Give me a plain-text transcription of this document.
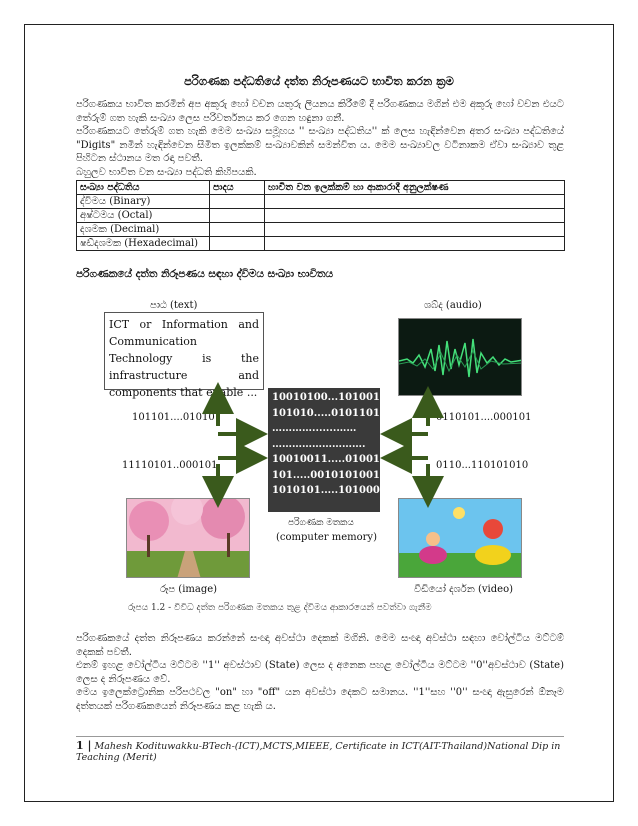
පරිගණක පද්ධතියේ දත්ත නිරූපණයට භාවිත කරන ක්‍රම

පරිගණකය භාවිත කරමින් අප අකුරු හෝ වචන යතුරු ලියනය කිරීමේ දී පරිගණකය මගින් එම අකුරු හෝ වචන එයට තේරුම් ගත හැකි සංඛ්‍යා ලෙස පරිවර්තනය කර ගෙන හඳුනා ගනී.

පරිගණකයට තේරුම් ගත හැකි මෙම සංඛ්‍යා සමූහය '' සංඛ්‍යා පද්ධතිය'' ක් ලෙස හැඳින්වෙන අතර සංඛ්‍යා පද්ධතියේ "Digits" නමින් හැඳින්වෙන සීමිත ඉලක්කම් සංඛ්‍යාවකින් සමන්විත ය. මෙම සංඛ්‍යාවල වටිනාකම ඒවා සංඛ්‍යාව තුළ පිහිටන ස්ථානය මත රඳා පවතී.

බහුලව භාවිත වන සංඛ්‍යා පද්ධති කිහිපයකි.

සංඛ්‍යා පද්ධතිය	පාදය	භාවිත වන ඉලක්කම් හා ආකාරාදී අනුලක්ෂණ
ද්විමය (Binary)		
අෂ්ටමය (Octal)		
දශමක (Decimal)		
ෂඩ්දශමක (Hexadecimal)		
පරිගණකයේ දත්ත නිරූපණය සඳහා ද්විමය සංඛ්‍යා භාවිතය
පාඨ (text)
ICT or Information and Communication Technology is the infrastructure and components that enable ...
ශබ්ද (audio)
රූප (image)	වීඩියෝ දර්ශන (video)
10010100...1010010
101010.....01011010
………….......……
……………………….
10010011.....010010
101.....00101010010
1010101.....1010001
පරිගණක මතකය
(computer memory)
101101....01010
11110101..000101
0110101....000101
0110...110101010
රූපය 1.2 - විවිධ දත්ත පරිගණක මතකය තුළ ද්විමය ආකාරයෙන් පවත්වා ගැනීම

පරිගණකයේ දත්ත නිරූපණය කරන්නේ සංඥා අවස්ථා දෙකක් මගිනි. මෙම සංඥා අවස්ථා සඳහා වෝල්ටීය මට්ටම් දෙකක් පවතී.

එනම් ඉහළ වෝල්ටීය මට්ටම ''1'' අවස්ථාව (State) ලෙස ද අනෙක පහළ වෝල්ටීය මට්ටම ''0''අවස්ථාව (State) ලෙස ද නිරූපණය වේ.

මෙය ඉලෙක්ට්‍රොනික පරිපථවල "on" හා "off" යන අවස්ථා දෙකට සමානය. ''1''සහ ''0'' සංඥා ඇසුරෙන් ඕනෑම දත්තයක් පරිගණකයෙන් නිරූපණය කළ හැකි ය.

1 | Mahesh Kodituwakku-BTech-(ICT),MCTS,MIEEE, Certificate in ICT(AIT-Thailand)National Dip in Teaching (Merit)
